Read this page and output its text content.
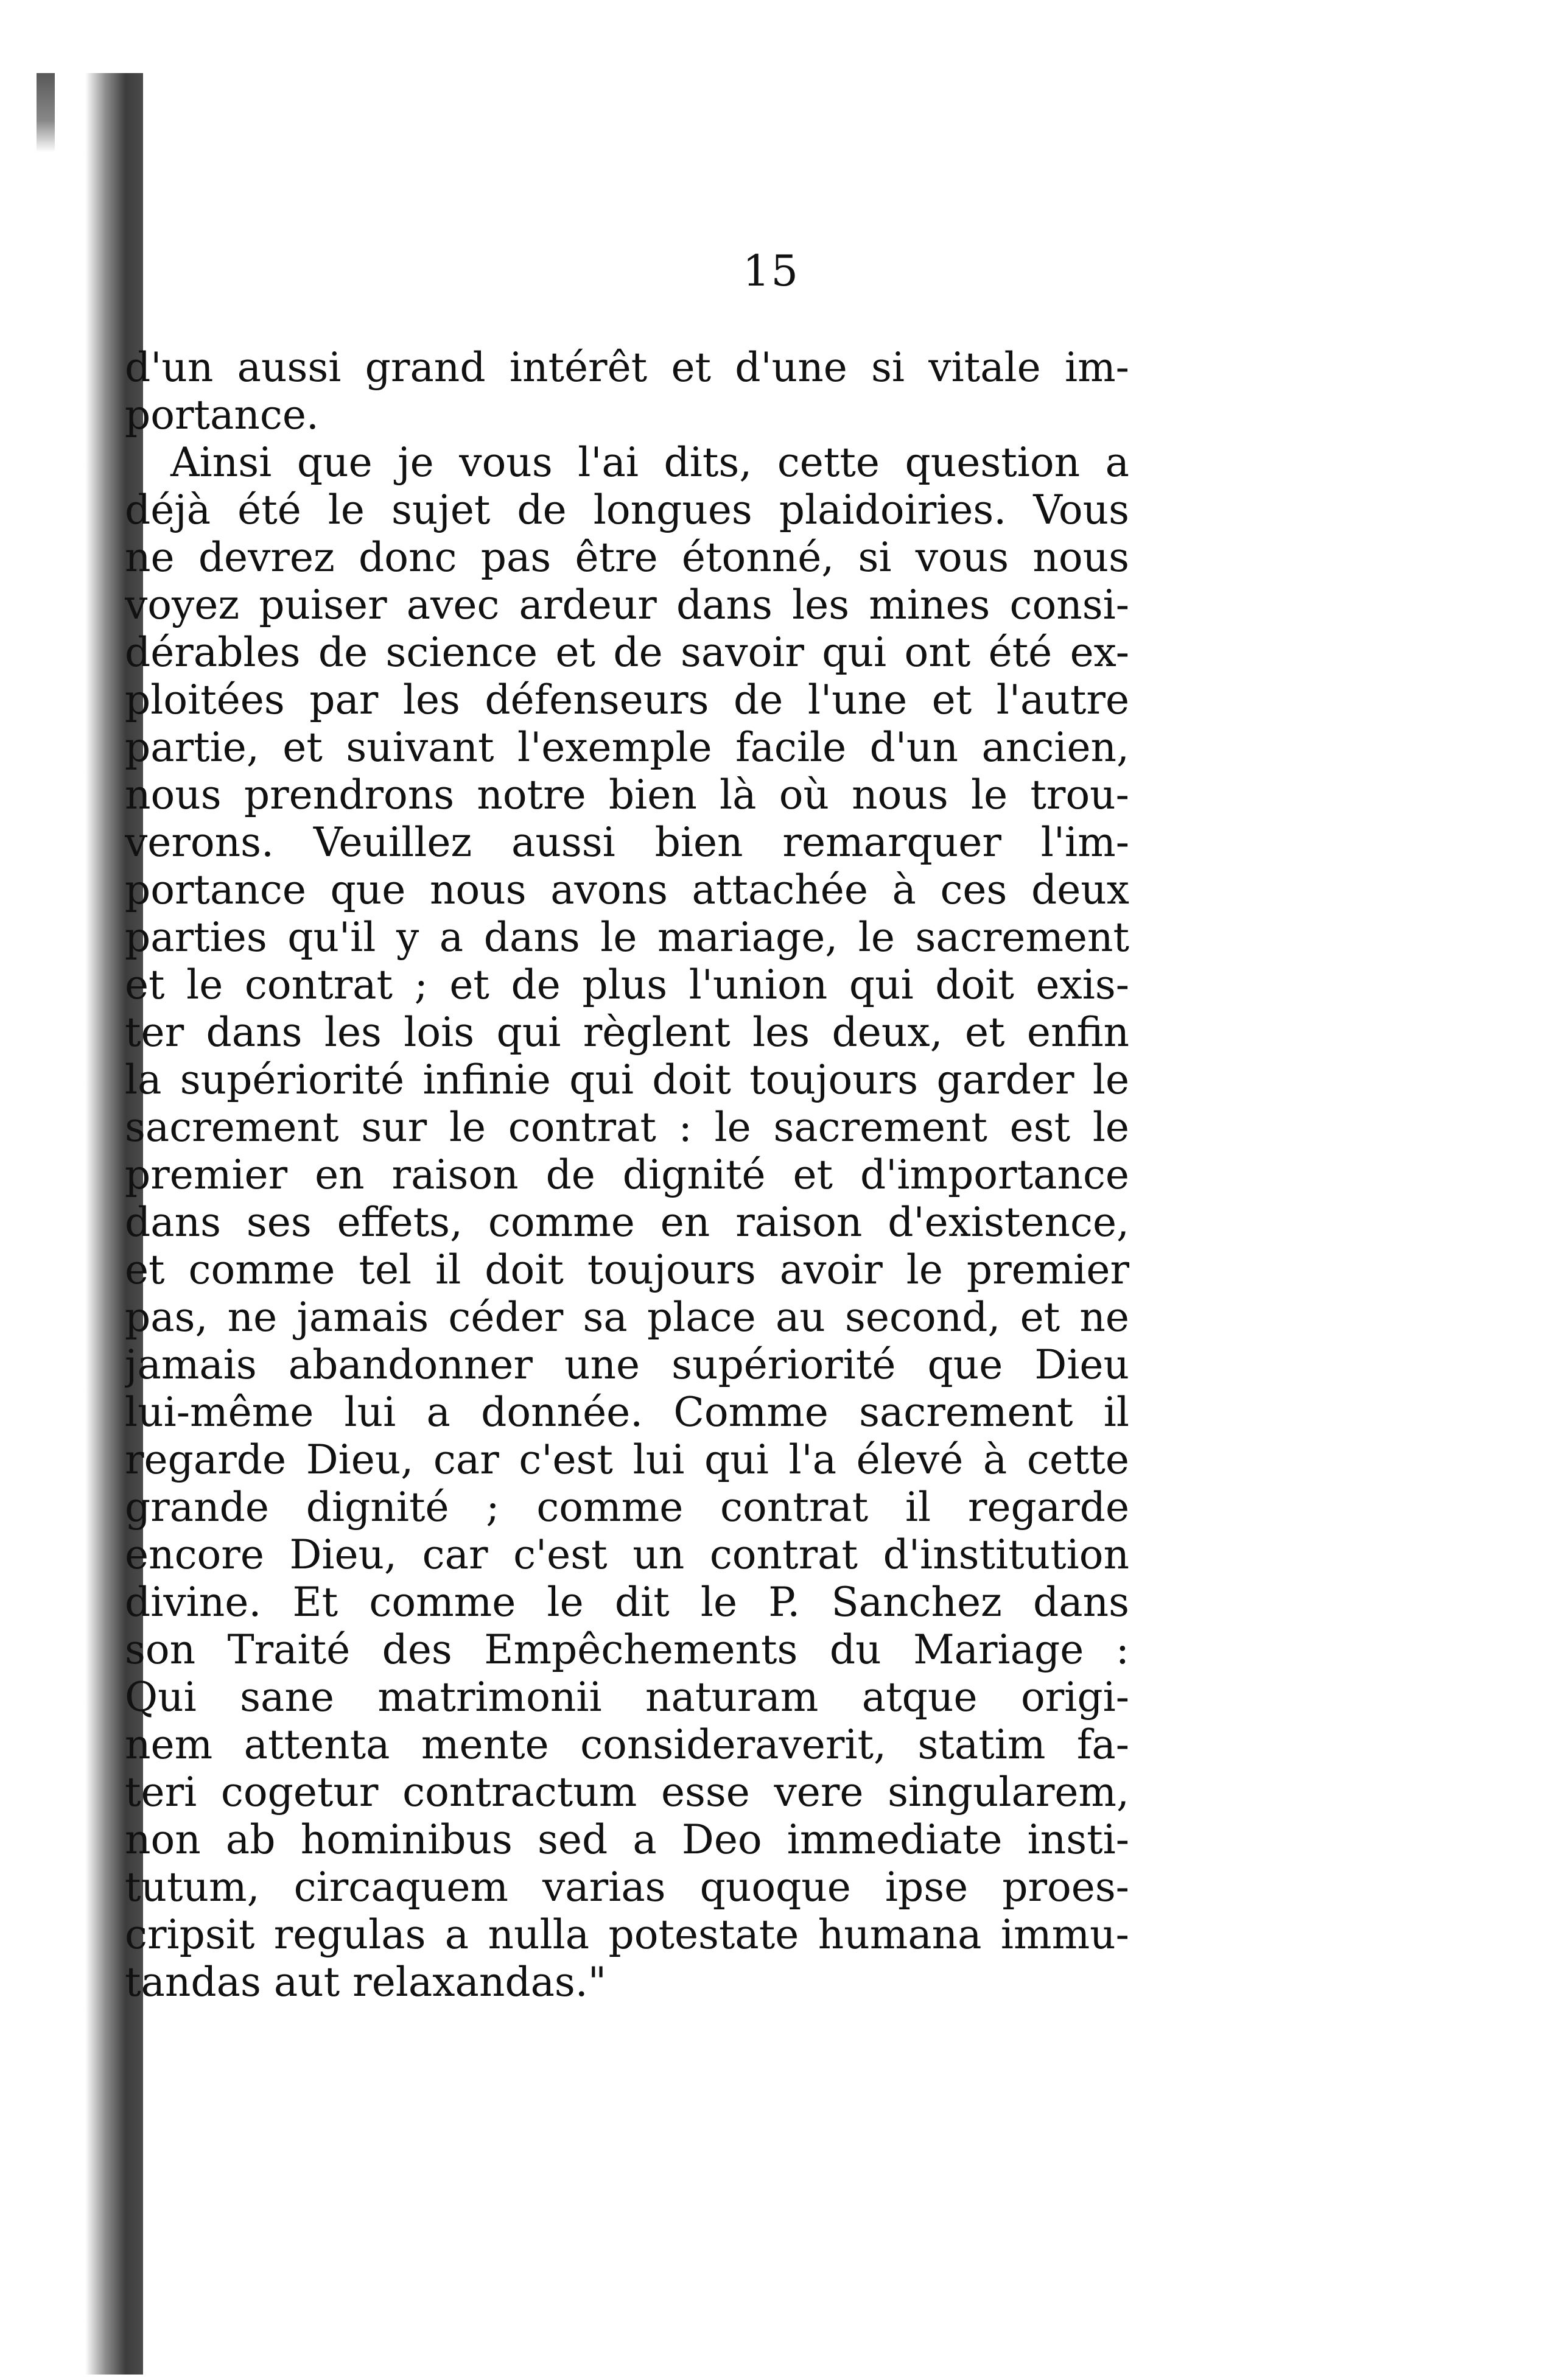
15
d'un aussi grand intérêt et d'une si vitale im-
portance.
Ainsi que je vous l'ai dits, cette question a
déjà été le sujet de longues plaidoiries. Vous
ne devrez donc pas être étonné, si vous nous
voyez puiser avec ardeur dans les mines consi-
dérables de science et de savoir qui ont été ex-
ploitées par les défenseurs de l'une et l'autre
partie, et suivant l'exemple facile d'un ancien,
nous prendrons notre bien là où nous le trou-
verons. Veuillez aussi bien remarquer l'im-
portance que nous avons attachée à ces deux
parties qu'il y a dans le mariage, le sacrement
et le contrat ; et de plus l'union qui doit exis-
ter dans les lois qui règlent les deux, et enfin
la supériorité infinie qui doit toujours garder le
sacrement sur le contrat : le sacrement est le
premier en raison de dignité et d'importance
dans ses effets, comme en raison d'existence,
et comme tel il doit toujours avoir le premier
pas, ne jamais céder sa place au second, et ne
jamais abandonner une supériorité que Dieu
lui-même lui a donnée. Comme sacrement il
regarde Dieu, car c'est lui qui l'a élevé à cette
grande dignité ; comme contrat il regarde
encore Dieu, car c'est un contrat d'institution
divine. Et comme le dit le P. Sanchez dans
son Traité des Empêchements du Mariage :
Qui sane matrimonii naturam atque origi-
nem attenta mente consideraverit, statim fa-
teri cogetur contractum esse vere singularem,
non ab hominibus sed a Deo immediate insti-
tutum, circaquem varias quoque ipse proes-
cripsit regulas a nulla potestate humana immu-
tandas aut relaxandas."
